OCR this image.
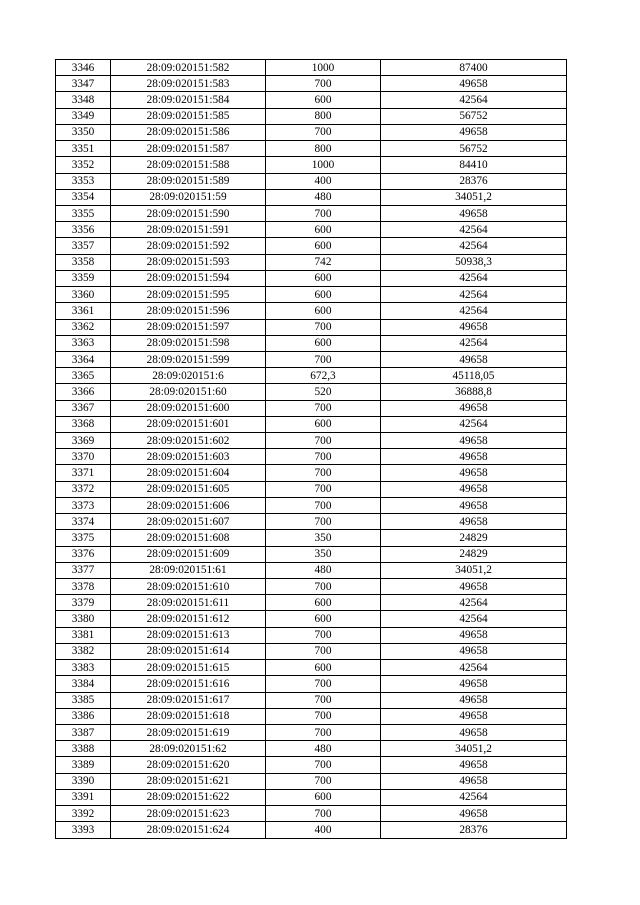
3346	28:09:020151:582	1000	87400
3347	28:09:020151:583	700	49658
3348	28:09:020151:584	600	42564
3349	28:09:020151:585	800	56752
3350	28:09:020151:586	700	49658
3351	28:09:020151:587	800	56752
3352	28:09:020151:588	1000	84410
3353	28:09:020151:589	400	28376
3354	28:09:020151:59	480	34051,2
3355	28:09:020151:590	700	49658
3356	28:09:020151:591	600	42564
3357	28:09:020151:592	600	42564
3358	28:09:020151:593	742	50938,3
3359	28:09:020151:594	600	42564
3360	28:09:020151:595	600	42564
3361	28:09:020151:596	600	42564
3362	28:09:020151:597	700	49658
3363	28:09:020151:598	600	42564
3364	28:09:020151:599	700	49658
3365	28:09:020151:6	672,3	45118,05
3366	28:09:020151:60	520	36888,8
3367	28:09:020151:600	700	49658
3368	28:09:020151:601	600	42564
3369	28:09:020151:602	700	49658
3370	28:09:020151:603	700	49658
3371	28:09:020151:604	700	49658
3372	28:09:020151:605	700	49658
3373	28:09:020151:606	700	49658
3374	28:09:020151:607	700	49658
3375	28:09:020151:608	350	24829
3376	28:09:020151:609	350	24829
3377	28:09:020151:61	480	34051,2
3378	28:09:020151:610	700	49658
3379	28:09:020151:611	600	42564
3380	28:09:020151:612	600	42564
3381	28:09:020151:613	700	49658
3382	28:09:020151:614	700	49658
3383	28:09:020151:615	600	42564
3384	28:09:020151:616	700	49658
3385	28:09:020151:617	700	49658
3386	28:09:020151:618	700	49658
3387	28:09:020151:619	700	49658
3388	28:09:020151:62	480	34051,2
3389	28:09:020151:620	700	49658
3390	28:09:020151:621	700	49658
3391	28:09:020151:622	600	42564
3392	28:09:020151:623	700	49658
3393	28:09:020151:624	400	28376
